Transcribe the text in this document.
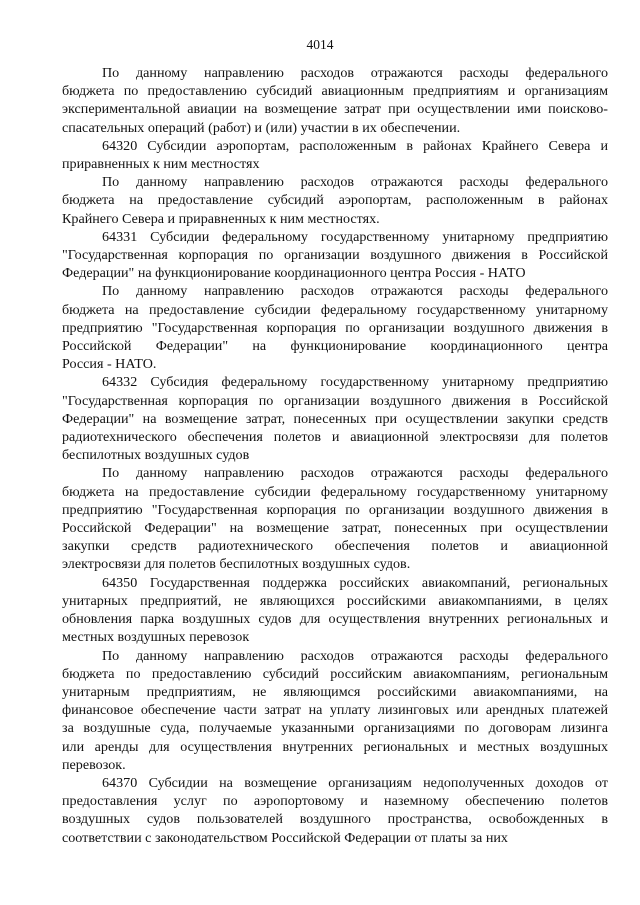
4014

По данному направлению расходов отражаются расходы федерального
бюджета по предоставлению субсидий авиационным предприятиям и организациям
экспериментальной авиации на возмещение затрат при осуществлении ими поисково-
спасательных операций (работ) и (или) участии в их обеспечении.

64320 Субсидии аэропортам, расположенным в районах Крайнего Севера и
приравненных к ним местностях

По данному направлению расходов отражаются расходы федерального
бюджета на предоставление субсидий аэропортам, расположенным в районах
Крайнего Севера и приравненных к ним местностях.

64331 Субсидии федеральному государственному унитарному предприятию
"Государственная корпорация по организации воздушного движения в Российской
Федерации" на функционирование координационного центра Россия - НАТО

По данному направлению расходов отражаются расходы федерального
бюджета на предоставление субсидии федеральному государственному унитарному
предприятию "Государственная корпорация по организации воздушного движения в
Российской Федерации" на функционирование координационного центра
Россия - НАТО.

64332 Субсидия федеральному государственному унитарному предприятию
"Государственная корпорация по организации воздушного движения в Российской
Федерации" на возмещение затрат, понесенных при осуществлении закупки средств
радиотехнического обеспечения полетов и авиационной электросвязи для полетов
беспилотных воздушных судов

По данному направлению расходов отражаются расходы федерального
бюджета на предоставление субсидии федеральному государственному унитарному
предприятию "Государственная корпорация по организации воздушного движения в
Российской Федерации" на возмещение затрат, понесенных при осуществлении
закупки средств радиотехнического обеспечения полетов и авиационной
электросвязи для полетов беспилотных воздушных судов.

64350 Государственная поддержка российских авиакомпаний, региональных
унитарных предприятий, не являющихся российскими авиакомпаниями, в целях
обновления парка воздушных судов для осуществления внутренних региональных и
местных воздушных перевозок

По данному направлению расходов отражаются расходы федерального
бюджета по предоставлению субсидий российским авиакомпаниям, региональным
унитарным предприятиям, не являющимся российскими авиакомпаниями, на
финансовое обеспечение части затрат на уплату лизинговых или арендных платежей
за воздушные суда, получаемые указанными организациями по договорам лизинга
или аренды для осуществления внутренних региональных и местных воздушных
перевозок.

64370 Субсидии на возмещение организациям недополученных доходов от
предоставления услуг по аэропортовому и наземному обеспечению полетов
воздушных судов пользователей воздушного пространства, освобожденных в
соответствии с законодательством Российской Федерации от платы за них
